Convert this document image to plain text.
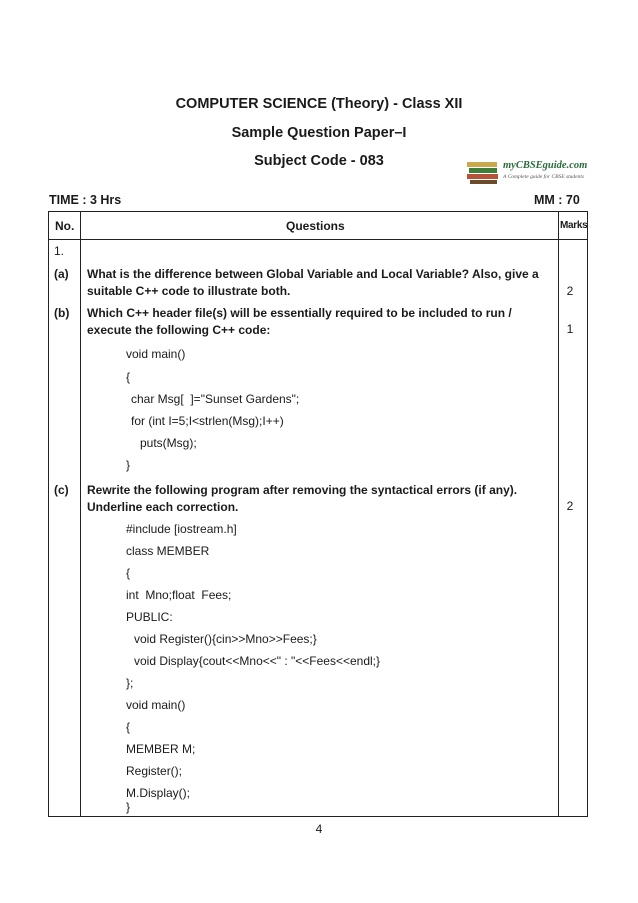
COMPUTER SCIENCE (Theory) - Class XII
Sample Question Paper–I
Subject Code - 083	myCBSEguide.com
A Complete guide for CBSE students
TIME : 3 Hrs	MM : 70
No.	Questions	Marks
1.
(a) What is the difference between Global Variable and Local Variable? Also, give a suitable C++ code to illustrate both.	2
(b) Which C++ header file(s) will be essentially required to be included to run / execute the following C++ code:	1
void main()
{
char Msg[  ]="Sunset Gardens";
for (int I=5;I<strlen(Msg);I++)
puts(Msg);
}
(c) Rewrite the following program after removing the syntactical errors (if any). Underline each correction.	2
#include [iostream.h]
class MEMBER
{
int  Mno;float  Fees;
PUBLIC:
void Register(){cin>>Mno>>Fees;}
void Display{cout<<Mno<<" : "<<Fees<<endl;}
};
void main()
{
MEMBER M;
Register();
M.Display();
}
4
